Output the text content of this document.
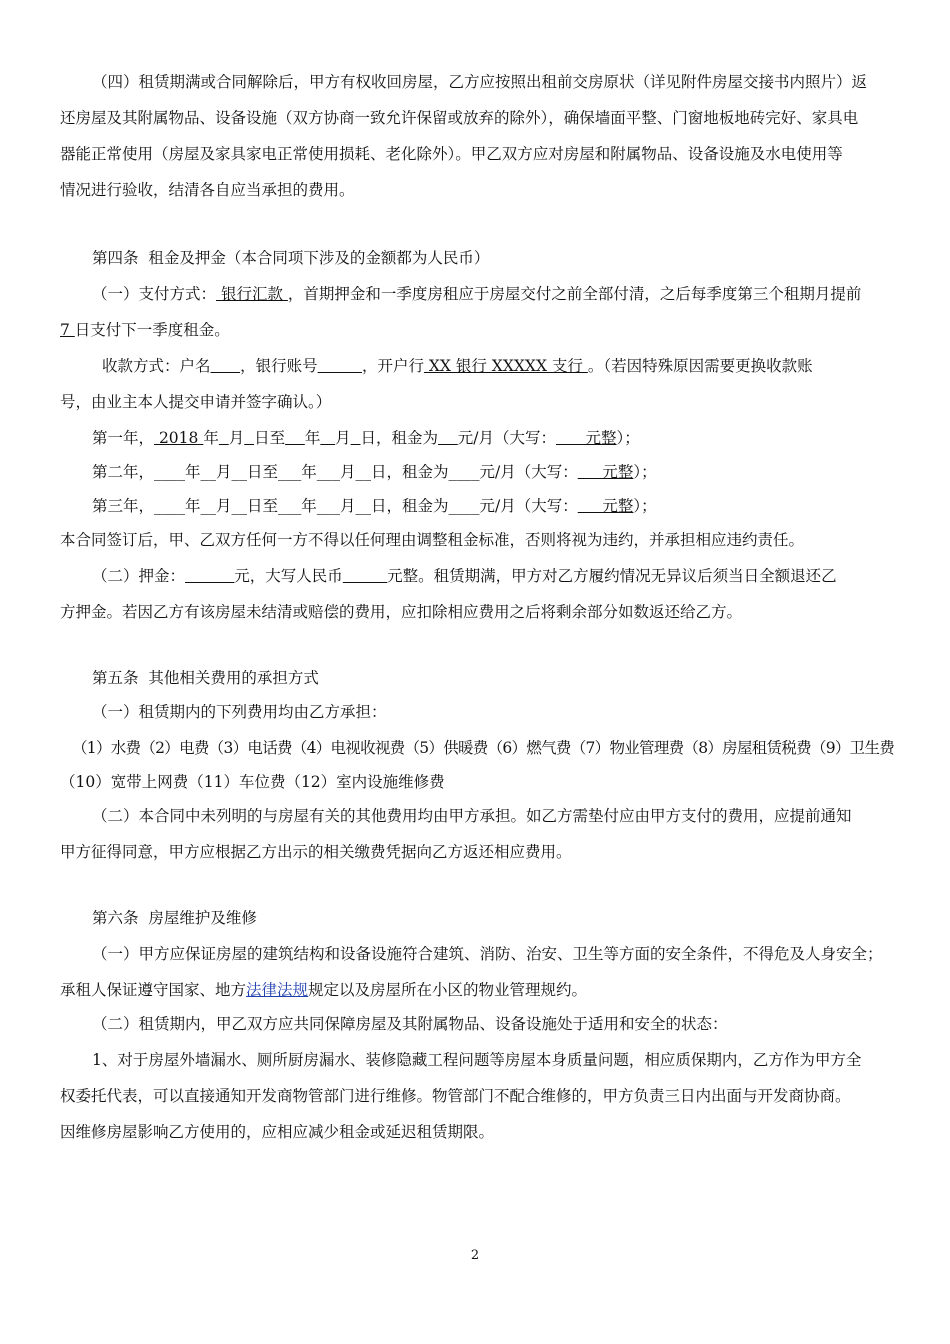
（四）租赁期满或合同解除后，甲方有权收回房屋，乙方应按照出租前交房原状（详见附件房屋交接书内照片）返
还房屋及其附属物品、设备设施（双方协商一致允许保留或放弃的除外），确保墙面平整、门窗地板地砖完好、家具电
器能正常使用（房屋及家具家电正常使用损耗、老化除外）。甲乙双方应对房屋和附属物品、设备设施及水电使用等
情况进行验收，结清各自应当承担的费用。
第四条  租金及押金（本合同项下涉及的金额都为人民币）
（一）支付方式： 银行汇款 ，首期押金和一季度房租应于房屋交付之前全部付清，之后每季度第三个租期月提前
7 日支付下一季度租金。
收款方式：户名 ，银行账号	，开户行 XX 银行 XXXXX 支行 。（若因特殊原因需要更换收款账
号，由业主本人提交申请并签字确认。）
第一年， 2018 年 月 日至 年 月 日，租金为 元/月（大写：      元整）；
第二年，____年__月__日至___年___月__日，租金为____元/月（大写：     元整）；
第三年，____年__月__日至___年___月__日，租金为____元/月（大写：     元整）；
本合同签订后，甲、乙双方任何一方不得以任何理由调整租金标准，否则将视为违约，并承担相应违约责任。
（二）押金：	元，大写人民币	元整。租赁期满，甲方对乙方履约情况无异议后须当日全额退还乙
方押金。若因乙方有该房屋未结清或赔偿的费用，应扣除相应费用之后将剩余部分如数返还给乙方。
第五条  其他相关费用的承担方式
（一）租赁期内的下列费用均由乙方承担：
（1）水费（2）电费（3）电话费（4）电视收视费（5）供暖费（6）燃气费（7）物业管理费（8）房屋租赁税费（9）卫生费
（10）宽带上网费（11）车位费（12）室内设施维修费
（二）本合同中未列明的与房屋有关的其他费用均由甲方承担。如乙方需垫付应由甲方支付的费用，应提前通知
甲方征得同意，甲方应根据乙方出示的相关缴费凭据向乙方返还相应费用。
第六条  房屋维护及维修
（一）甲方应保证房屋的建筑结构和设备设施符合建筑、消防、治安、卫生等方面的安全条件，不得危及人身安全；
承租人保证遵守国家、地方法律法规规定以及房屋所在小区的物业管理规约。
（二）租赁期内，甲乙双方应共同保障房屋及其附属物品、设备设施处于适用和安全的状态：
1、对于房屋外墙漏水、厕所厨房漏水、装修隐藏工程问题等房屋本身质量问题，相应质保期内，乙方作为甲方全
权委托代表，可以直接通知开发商物管部门进行维修。物管部门不配合维修的，甲方负责三日内出面与开发商协商。
因维修房屋影响乙方使用的，应相应减少租金或延迟租赁期限。
2
